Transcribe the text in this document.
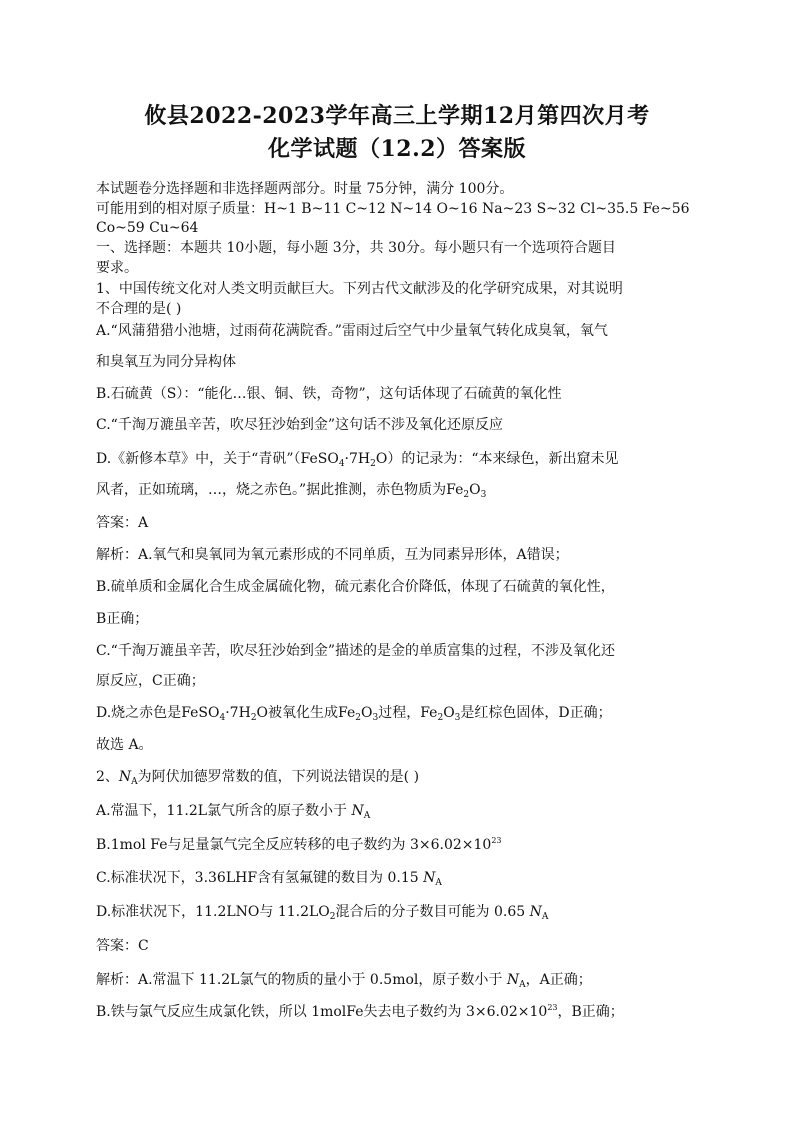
攸县2022-2023学年高三上学期12月第四次月考
化学试题（12.2）答案版
本试题卷分选择题和非选择题两部分。时量 75分钟，满分 100分。
可能用到的相对原子质量：H~1 B~11 C~12 N~14 O~16 Na~23 S~32 Cl~35.5 Fe~56
Co~59 Cu~64
一、选择题：本题共 10小题，每小题 3分，共 30分。每小题只有一个选项符合题目
要求。
1、中国传统文化对人类文明贡献巨大。下列古代文献涉及的化学研究成果，对其说明
不合理的是( )
A.“风蒲猎猎小池塘，过雨荷花满院香。”雷雨过后空气中少量氧气转化成臭氧，氧气
和臭氧互为同分异构体
B.石硫黄（S）：“能化…银、铜、铁，奇物”，这句话体现了石硫黄的氧化性
C.“千淘万漉虽辛苦，吹尽狂沙始到金”这句话不涉及氧化还原反应
D.《新修本草》中，关于“青矾$”(FeSO_4\cdot 7H_2O)$的记录为：“本来绿色，新出窟未见
风者，正如琉璃，…，烧之赤色。”据此推测，赤色物质为$Fe_2O_3$
答案：A
解析：A.氧气和臭氧同为氧元素形成的不同单质，互为同素异形体，A错误；
B.硫单质和金属化合生成金属硫化物，硫元素化合价降低，体现了石硫黄的氧化性，
B正确；
C.“千淘万漉虽辛苦，吹尽狂沙始到金”描述的是金的单质富集的过程，不涉及氧化还
原反应，C正确；
D.烧之赤色是$FeSO_4\cdot 7H_2O$被氧化生成$Fe_2O_3$过程，$Fe_2O_3$是红棕色固体，D正确；
故选 A。
2、$N_A$为阿伏加德罗常数的值，下列说法错误的是( )
A.常温下，11.2L氯气所含的原子数小于 $N_A$
B.1mol Fe与足量氯气完全反应转移的电子数约为 $3\times 6.02\times 10^{23}$
C.标准状况下，3.36LHF含有氢氟键的数目为 0.15 $N_A$
D.标准状况下，11.2LNO与 $11.2LO_2$混合后的分子数目可能为 0.65 $N_A$
答案：C
解析：A.常温下 11.2L氯气的物质的量小于 0.5mol，原子数小于 $N_A$，A正确；
B.铁与氯气反应生成氯化铁，所以 1molFe失去电子数约为 $3\times 6.02\times 10^{23}$，B正确；
